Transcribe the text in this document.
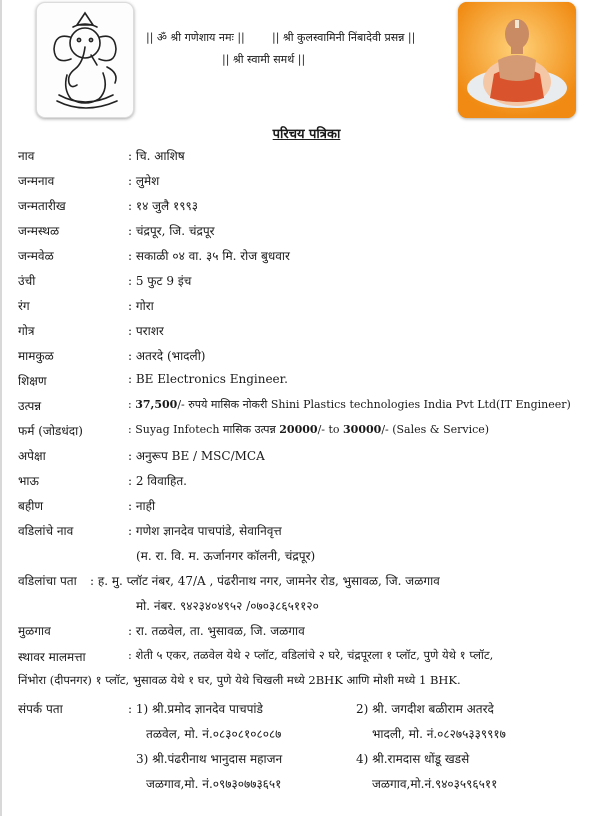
|| ॐ श्री गणेशाय नमः || || श्री कुलस्वामिनी निंबादेवी प्रसन्न ||
|| श्री स्वामी समर्थ ||
परिचय पत्रिका
नाव	: चि. आशिष
जन्मनाव	: लुमेश
जन्मतारीख	: १४ जुलै १९९३
जन्मस्थळ	: चंद्रपूर, जि. चंद्रपूर
जन्मवेळ	: सकाळी ०४ वा. ३५ मि. रोज बुधवार
उंची	: 5 फुट 9 इंच
रंग	: गोरा
गोत्र	: पराशर
मामकुळ	: अतरदे (भादली)
शिक्षण	: BE Electronics Engineer.
उत्पन्न	: 37,500/- रुपये मासिक नोकरी Shini Plastics technologies India Pvt Ltd(IT Engineer)
फर्म (जोडधंदा)	: Suyag Infotech मासिक उत्पन्न 20000/- to 30000/- (Sales & Service)
अपेक्षा	: अनुरूप BE / MSC/MCA
भाऊ	: 2 विवाहित.
बहीण	: नाही
वडिलांचे नाव	: गणेश ज्ञानदेव पाचपांडे, सेवानिवृत्त
(म. रा. वि. म. ऊर्जानगर कॉलनी, चंद्रपूर)
वडिलांचा पता : ह. मु. प्लॉट नंबर, 47/A , पंढरीनाथ नगर, जामनेर रोड, भुसावळ, जि. जळगाव
मो. नंबर. ९४२३४०४९५२ /०७०३८६५११२०
मुळगाव	: रा. तळवेल, ता. भुसावळ, जि. जळगाव
स्थावर मालमत्ता	: शेती ५ एकर, तळवेल येथे २ प्लॉट, वडिलांचे २ घरे, चंद्रपूरला १ प्लॉट, पुणे येथे १ प्लॉट,
निंभोरा (दीपनगर) १ प्लॉट, भुसावळ येथे १ घर, पुणे येथे चिखली मध्ये 2BHK आणि मोशी मध्ये 1 BHK.
संपर्क पता	: 1) श्री.प्रमोद ज्ञानदेव पाचपांडे	2) श्री. जगदीश बळीराम अतरदे
तळवेल, मो. नं.०८३०८१०८०८७	भादली, मो. नं.०८२७५३३९९१७
3) श्री.पंढरीनाथ भानुदास महाजन	4) श्री.रामदास धोंडू खडसे
जळगाव,मो. नं.०९७३०७७३६५१	जळगाव,मो.नं.९४०३५९६५११
